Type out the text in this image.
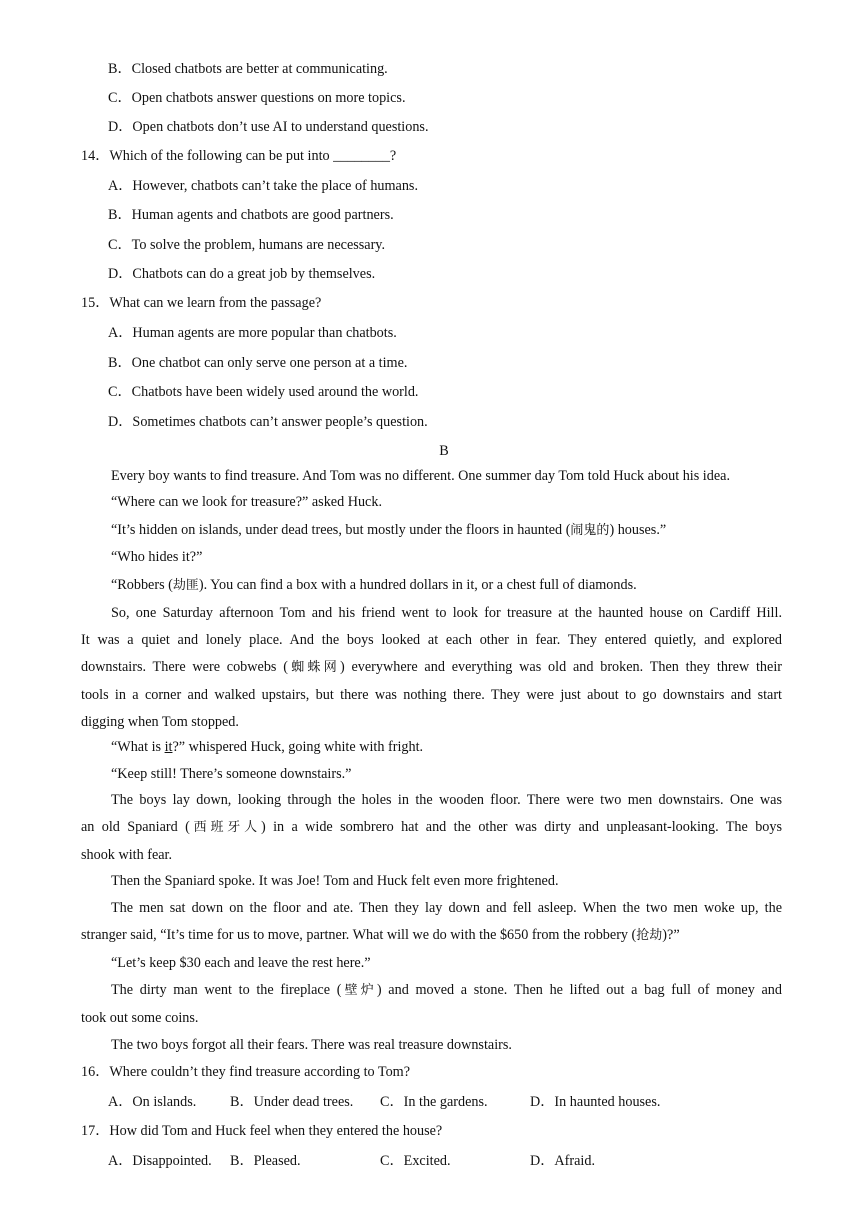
B．Closed chatbots are better at communicating.
C．Open chatbots answer questions on more topics.
D．Open chatbots don’t use AI to understand questions.
14．Which of the following can be put into ________?
A．However, chatbots can’t take the place of humans.
B．Human agents and chatbots are good partners.
C．To solve the problem, humans are necessary.
D．Chatbots can do a great job by themselves.
15．What can we learn from the passage?
A．Human agents are more popular than chatbots.
B．One chatbot can only serve one person at a time.
C．Chatbots have been widely used around the world.
D．Sometimes chatbots can’t answer people’s question.
B
Every boy wants to find treasure. And Tom was no different. One summer day Tom told Huck about his idea.
“Where can we look for treasure?” asked Huck.
“It’s hidden on islands, under dead trees, but mostly under the floors in haunted (闹鬼的) houses.”
“Who hides it?”
“Robbers (劫匪). You can find a box with a hundred dollars in it, or a chest full of diamonds.
So, one Saturday afternoon Tom and his friend went to look for treasure at the haunted house on Cardiff Hill.
It was a quiet and lonely place. And the boys looked at each other in fear. They entered quietly, and explored
downstairs. There were cobwebs (蜘蛛网) everywhere and everything was old and broken. Then they threw their
tools in a corner and walked upstairs, but there was nothing there. They were just about to go downstairs and start
digging when Tom stopped.
“What is it?” whispered Huck, going white with fright.
“Keep still! There’s someone downstairs.”
The boys lay down, looking through the holes in the wooden floor. There were two men downstairs. One was
an old Spaniard (西班牙人) in a wide sombrero hat and the other was dirty and unpleasant-looking. The boys
shook with fear.
Then the Spaniard spoke. It was Joe! Tom and Huck felt even more frightened.
The men sat down on the floor and ate. Then they lay down and fell asleep. When the two men woke up, the
stranger said, “It’s time for us to move, partner. What will we do with the $650 from the robbery (抢劫)?”
“Let’s keep $30 each and leave the rest here.”
The dirty man went to the fireplace (壁炉) and moved a stone. Then he lifted out a bag full of money and
took out some coins.
The two boys forgot all their fears. There was real treasure downstairs.
16．Where couldn’t they find treasure according to Tom?
A．On islands. B．Under dead trees. C．In the gardens.	D．In haunted houses.
17．How did Tom and Huck feel when they entered the house?
A．Disappointed. B．Pleased.	C．Excited.	D．Afraid.
